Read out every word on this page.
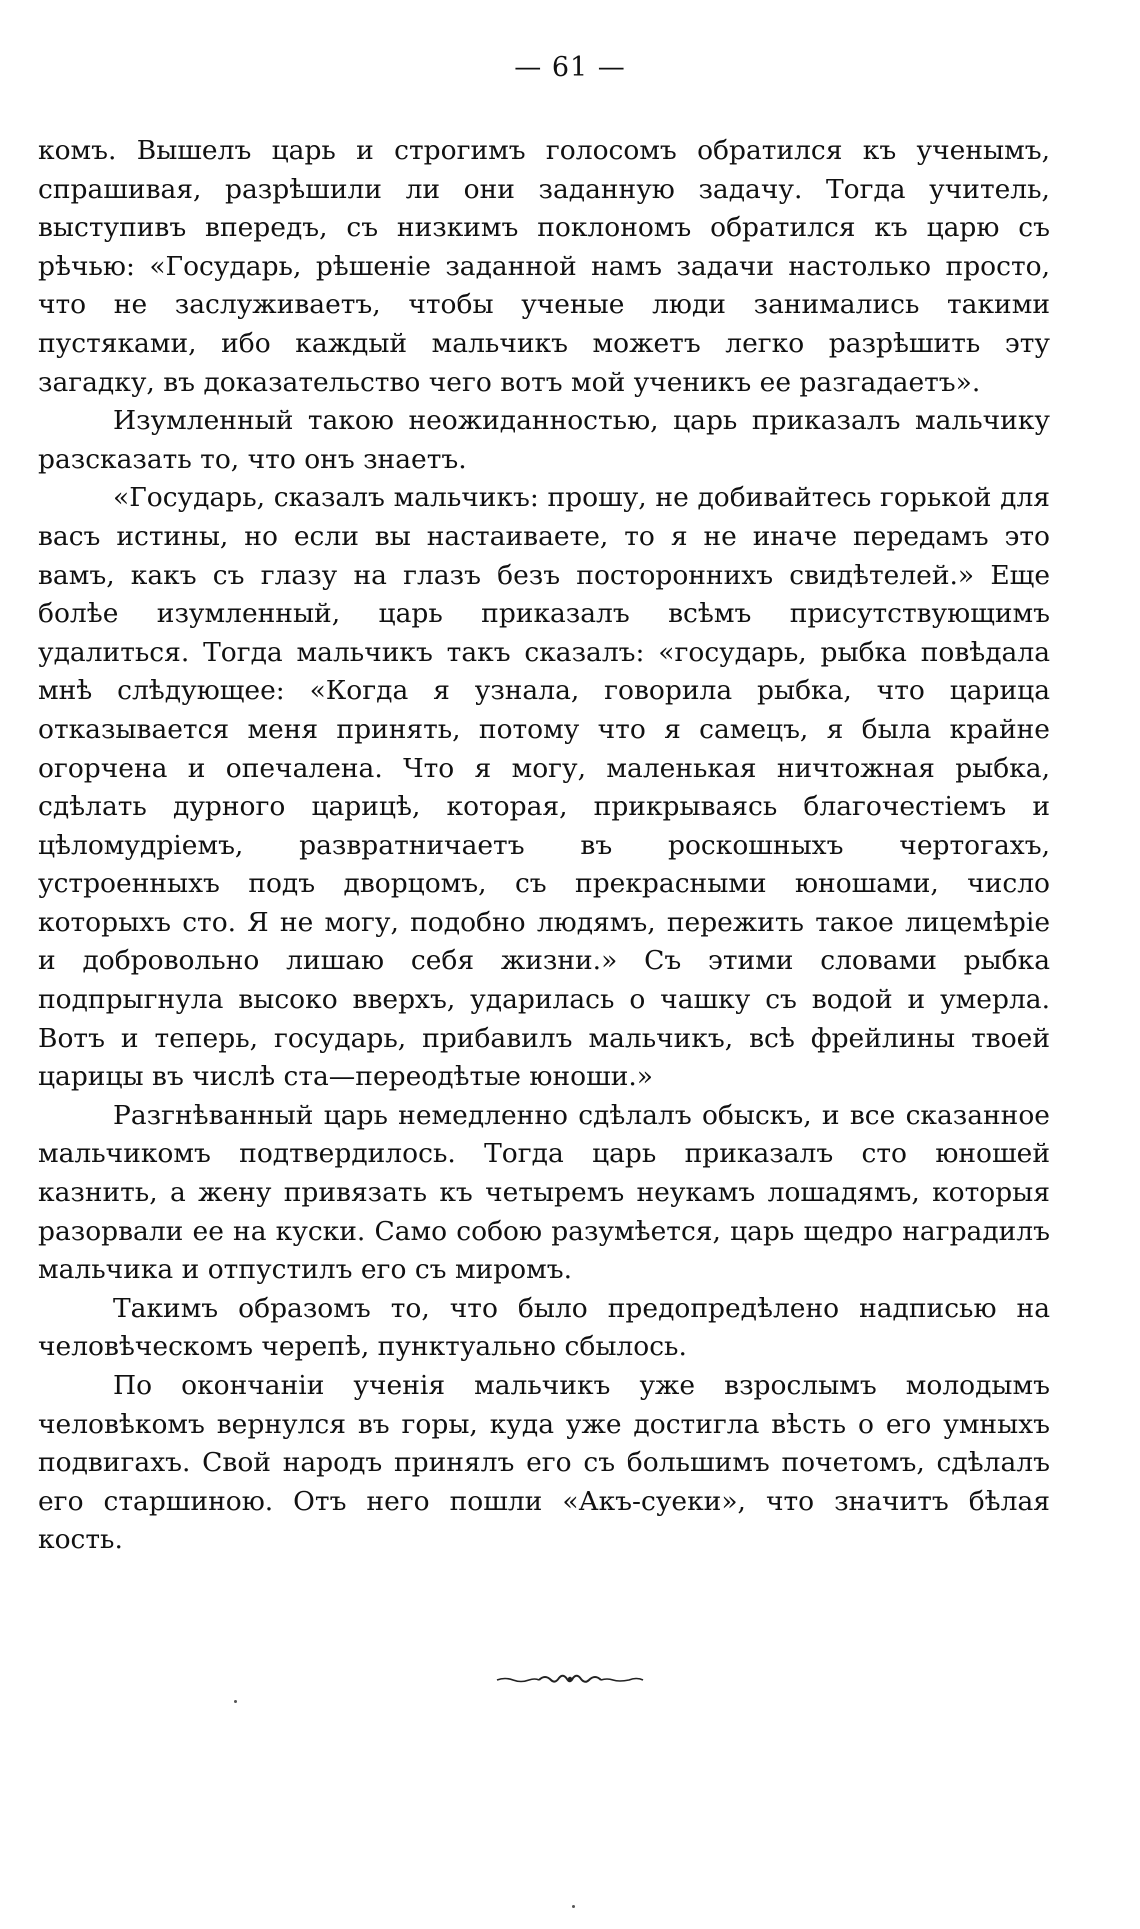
— 61 —

комъ. Вышелъ царь и строгимъ голосомъ обратился къ ученымъ, спрашивая, разрѣшили ли они заданную задачу. Тогда учитель, выступивъ впередъ, съ низкимъ поклономъ обратился къ царю съ рѣчью: «Государь, рѣшеніе заданной намъ задачи настолько просто, что не заслуживаетъ, чтобы ученые люди занимались такими пустяками, ибо каждый мальчикъ можетъ легко разрѣшить эту загадку, въ доказательство чего вотъ мой ученикъ ее разгадаетъ».

Изумленный такою неожиданностью, царь приказалъ мальчику разсказать то, что онъ знаетъ.

«Государь, сказалъ мальчикъ: прошу, не добивайтесь горькой для васъ истины, но если вы настаиваете, то я не иначе передамъ это вамъ, какъ съ глазу на глазъ безъ постороннихъ свидѣтелей.» Еще болѣе изумленный, царь приказалъ всѣмъ присутствующимъ удалиться. Тогда мальчикъ такъ сказалъ: «государь, рыбка повѣдала мнѣ слѣдующее: «Когда я узнала, говорила рыбка, что царица отказывается меня принять, потому что я самецъ, я была крайне огорчена и опечалена. Что я могу, маленькая ничтожная рыбка, сдѣлать дурного царицѣ, которая, прикрываясь благочестіемъ и цѣломудріемъ, развратничаетъ въ роскошныхъ чертогахъ, устроенныхъ подъ дворцомъ, съ прекрасными юношами, число которыхъ сто. Я не могу, подобно людямъ, пережить такое лицемѣріе и добровольно лишаю себя жизни.» Съ этими словами рыбка подпрыгнула высоко вверхъ, ударилась о чашку съ водой и умерла. Вотъ и теперь, государь, прибавилъ мальчикъ, всѣ фрейлины твоей царицы въ числѣ ста—переодѣтые юноши.»

Разгнѣванный царь немедленно сдѣлалъ обыскъ, и все сказанное мальчикомъ подтвердилось. Тогда царь приказалъ сто юношей казнить, а жену привязать къ четыремъ неукамъ лошадямъ, которыя разорвали ее на куски. Само собою разумѣется, царь щедро наградилъ мальчика и отпустилъ его съ миромъ.

Такимъ образомъ то, что было предопредѣлено надписью на человѣческомъ черепѣ, пунктуально сбылось.

По окончаніи ученія мальчикъ уже взрослымъ молодымъ человѣкомъ вернулся въ горы, куда уже достигла вѣсть о его умныхъ подвигахъ. Свой народъ принялъ его съ большимъ почетомъ, сдѣлалъ его старшиною. Отъ него пошли «Акъ-суеки», что значитъ бѣлая кость.
